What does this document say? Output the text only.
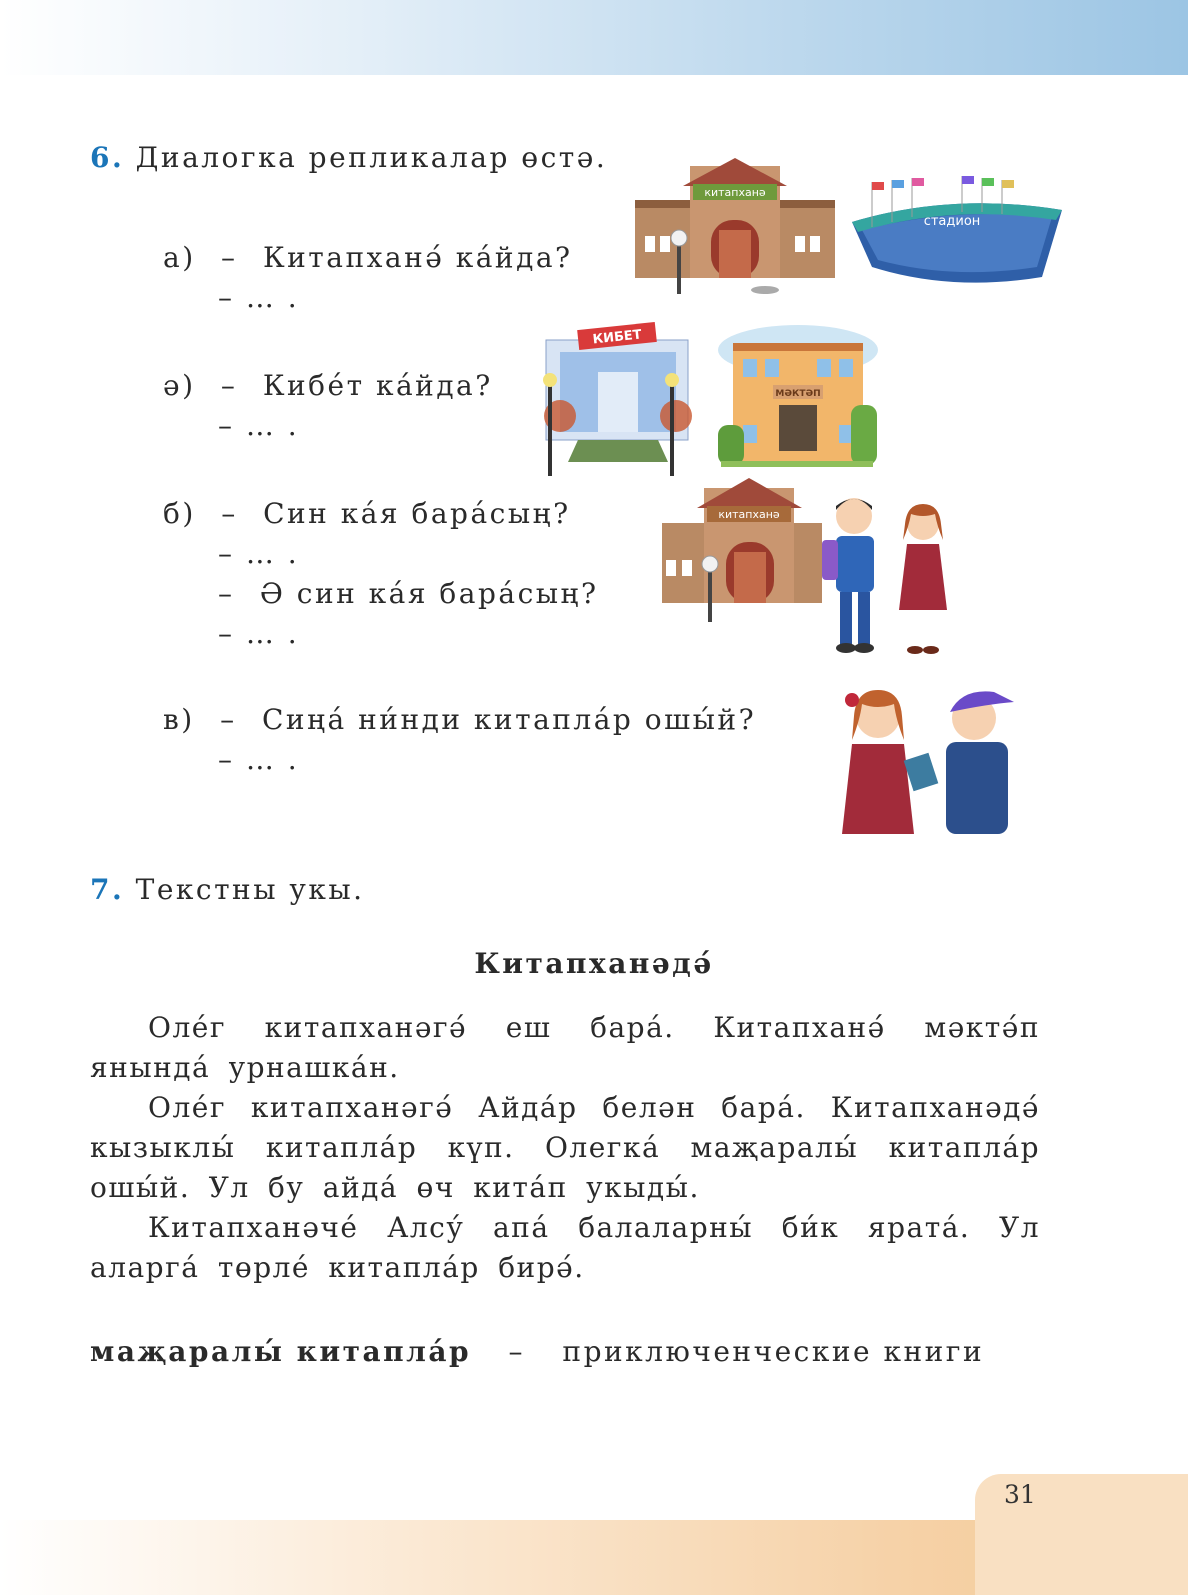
6. Диалогка репликалар өстә.
а) – Китапханә́ ка́йда?
– … .
ә) – Кибе́т ка́йда?
– … .
б) – Син ка́я бара́сың?
– … .
– Ә син ка́я бара́сың?
– … .
в) – Сиңа́ ни́нди китапла́р ошы́й?
– … .
китапханә
стадион
КИБЕТ
МӘКТӘП
китапханә
7. Текстны укы.
Китапханәдә́
Оле́г китапханәгә́ еш бара́. Китапханә́ мәктә́п янында́ урнашка́н.
Оле́г китапханәгә́ Айда́р белән бара́. Китапханәдә́ кызыклы́ китапла́р күп. Олегка́ маҗаралы́ китапла́р ошы́й. Ул бу айда́ өч кита́п укыды́.
Китапханәче́ Алсу́ апа́ балаларны́ би́к ярата́. Ул аларга́ төрле́ китапла́р бирә́.
маҗаралы́ китапла́р – приключенческие книги
31
